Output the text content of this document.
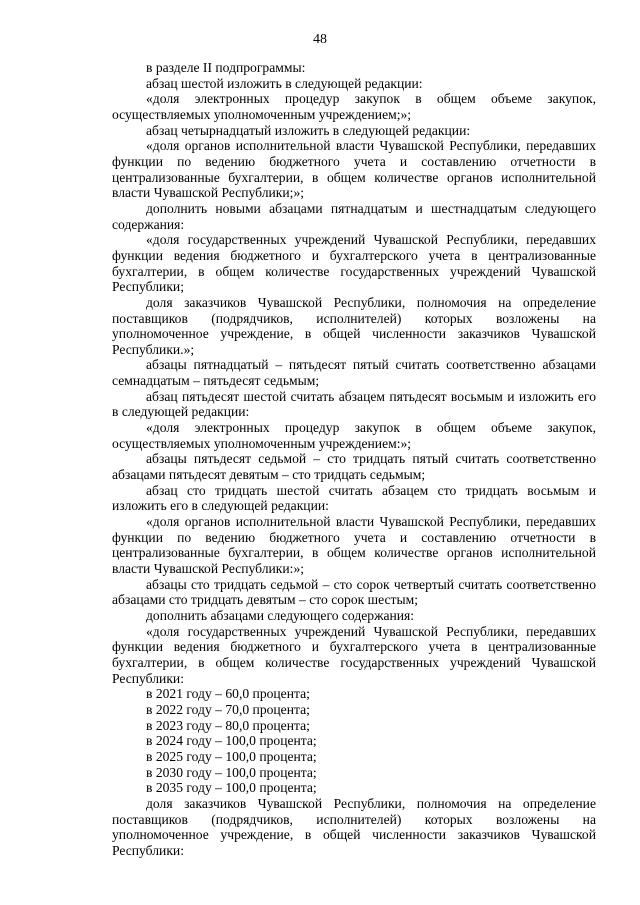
48

в разделе II подпрограммы:

абзац шестой изложить в следующей редакции:

«доля электронных процедур закупок в общем объеме закупок, осуществляемых уполномоченным учреждением;»;

абзац четырнадцатый изложить в следующей редакции:

«доля органов исполнительной власти Чувашской Республики, передавших функции по ведению бюджетного учета и составлению отчетности в централизованные бухгалтерии, в общем количестве органов исполнительной власти Чувашской Республики;»;

дополнить новыми абзацами пятнадцатым и шестнадцатым следующего содержания:

«доля государственных учреждений Чувашской Республики, передавших функции ведения бюджетного и бухгалтерского учета в централизованные бухгалтерии, в общем количестве государственных учреждений Чувашской Республики;

доля заказчиков Чувашской Республики, полномочия на определение поставщиков (подрядчиков, исполнителей) которых возложены на уполномоченное учреждение, в общей численности заказчиков Чувашской Республики.»;

абзацы пятнадцатый – пятьдесят пятый считать соответственно абзацами семнадцатым – пятьдесят седьмым;

абзац пятьдесят шестой считать абзацем пятьдесят восьмым и изложить его в следующей редакции:

«доля электронных процедур закупок в общем объеме закупок, осуществляемых уполномоченным учреждением:»;

абзацы пятьдесят седьмой – сто тридцать пятый считать соответственно абзацами пятьдесят девятым – сто тридцать седьмым;

абзац сто тридцать шестой считать абзацем сто тридцать восьмым и изложить его в следующей редакции:

«доля органов исполнительной власти Чувашской Республики, передавших функции по ведению бюджетного учета и составлению отчетности в централизованные бухгалтерии, в общем количестве органов исполнительной власти Чувашской Республики:»;

абзацы сто тридцать седьмой – сто сорок четвертый считать соответственно абзацами сто тридцать девятым – сто сорок шестым;

дополнить абзацами следующего содержания:

«доля государственных учреждений Чувашской Республики, передавших функции ведения бюджетного и бухгалтерского учета в централизованные бухгалтерии, в общем количестве государственных учреждений Чувашской Республики:

в 2021 году – 60,0 процента;

в 2022 году – 70,0 процента;

в 2023 году – 80,0 процента;

в 2024 году – 100,0 процента;

в 2025 году – 100,0 процента;

в 2030 году – 100,0 процента;

в 2035 году – 100,0 процента;

доля заказчиков Чувашской Республики, полномочия на определение поставщиков (подрядчиков, исполнителей) которых возложены на уполномоченное учреждение, в общей численности заказчиков Чувашской Республики:
